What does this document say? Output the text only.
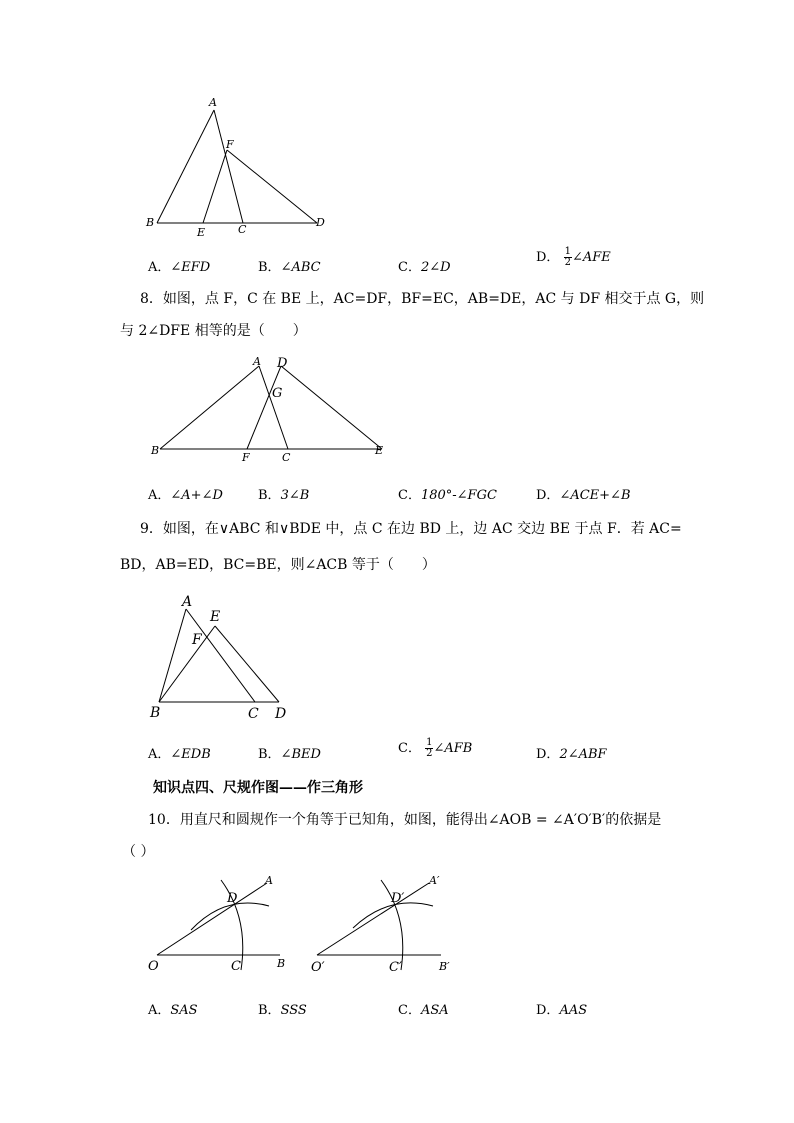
A
F
B
E	C
D
A．∠EFD	B．∠ABC	C．2∠D
D． $\frac{1}{2}$ ∠AFE
8．如图，点 F，C 在 BE 上，AC=DF，BF=EC，AB=DE，AC 与 DF 相交于点 G，则
与 2∠DFE 相等的是（　　）
A D
G
B
F	C
E
A．∠A+∠D	B．3∠B	C．180°-∠FGC	D．∠ACE+∠B
9．如图，在∨ABC 和∨BDE 中，点 C 在边 BD 上，边 AC 交边 BE 于点 F．若 AC=
BD，AB=ED，BC=BE，则∠ACB 等于（　　）
A
E
F
B	C D
A．∠EDB	B．∠BED	C． $\frac{1}{2}$ ∠AFB	D．2∠ABF
知识点四、尺规作图——作三角形
10．用直尺和圆规作一个角等于已知角，如图，能得出∠AOB = ∠A′O′B′的依据是
（ ）
A
D
O	C	B
A′
D′
O′	C′	B′
A．SAS	B．SSS	C．ASA	D．AAS
